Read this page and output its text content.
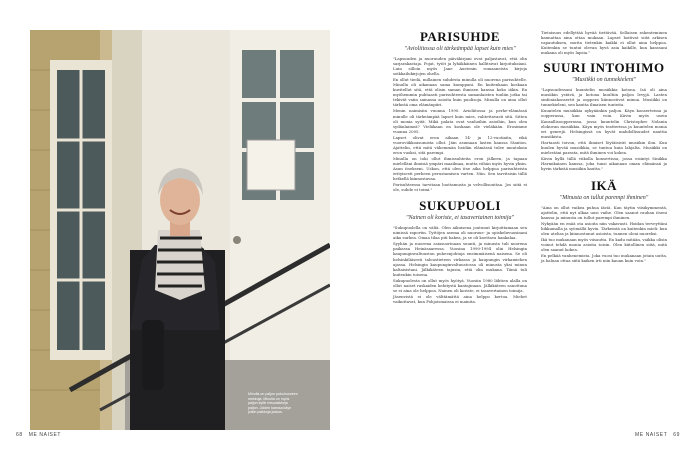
Minulla on paljon pukuhuoneen mekkoja. Minulla on myös paljon kyllä mrsuosikkeja paljon. Joiden kanssa käyn jotkin paikkoja joskus.
PARISUHDE
"Avioliitossa oli tärkeämpää lapset kuin mies"

"Lapsuuden ja nuoruuden päiväkirjani ovat paljastavat, että olin sarjarakastaja. Pojat, tytöt ja lyhäkkäinen hallitsivat kirjoituksiani. Luin silloin myös Jane Austenin romaaneista kirjoja seikkailukirjojen ohella.

En ollut tiedä, millainen suhdesta minulla oli nuorena parisuhtelle. Minulla oli aikanaan sama kumppani. En kuitenkaan koskaan kuvitellut sitä, että olisin saman ihmisen kanssa koko iäkin. En myöhemmin puhtaasti parisuhteesta samanlaisten tuuliin jotka tai tekivät vaiin samassa asioita kuin puolisoja. Minulla on aina ollut tärkeää oma elämänpiiri.

Menin naimisiin vuonna 1990. Avioliitossa ja perhe-elämässä minulle oli tärkeämpää lapset kuin mies, valitettavasti sitä. Sitten oli monia syitä. Mikä palata ovat vanhoihin asioihin, kun olen sydänlaimeä? Vieläkaan en koskaan ole vieläkään. Erosimme vuonna 2005.

Lapset olivat eron aikaan 14- ja 12-vuotiaita, eikä vuoroviikkoasumista ollut. Jäin asumaan lasten kanssa Stanton. Ajattelin, että mitä vähemmän heidän elämässä tulee muutoksia eron vuoksi, sitä parempi.

Minulla on toki ollut ihmissuhteita eron jälkeen, ja tapaan mielelläni ihmisiä ympäri maailmaa, mutta vähän myös hyvin yksin. Asun itsekseni. Uskon, että olen itse aika helppoa parisuhteista erityisesti perheen perustamisen varten. Niin. Sen tarvitsisin tällä hetkellä kiinnostavaa.

Parisuhteessa tarvitaan luottamusta ja velvollisuuttaa. Jos siitä ei ole, suhde ei toimi."

SUKUPUOLI
"Nainen oli koriste, ei tasavertainen toimija"

"Sukupuolella on väliä. Olen aikuisena joutunut kirjoittamaan sen nimissä raportin. Tyttöjen asema oli nuoruus- ja opiskeluvuosinani aika surkea. Omaa tilaa piti hakea, ja se oli koettava hankalaa.

Syyhän ja nuorena asiasuorinaan suunti, ja minusta tuli nuorena paikassa Heinäsaaressa. Vuosina 1990-1994 olin Helsingin kaupunginvaltuuston puheenjohtaja ensimmäisenä naisena. Se oli helsinkiläisesti taloustieteen virkassa ja kaupungin virkamiehen ajassa. Helsingin kaupunginvaltuustossa oli minusta yksi minun kaltaisistani. Jälkikäteen tajusin, että olin mukana. Tämä tuli kuitenkin toisena.

Sukupuolesta on ollut myös hyötyä. Vuosiin 1980 lähtien alalla on ollut naiset raskaiden kehitystä kantajinaan. Jälkikäteen sanottuna se ei aina ole helppoa. Nainen oli koriste, ei tasavertainen toimija.

Jäsenvistä ei ole välttämättä aina helppo kertoa. Miehet vaikuttavat, kun Pohjoismaissa ei mainita.

Tietoisuus edellyttää hyvää tiettävää. Sellaisen rakenteminen kannattaa aina ottaa mukaan. Lapset hoitivat siitä arkisen vapautuksen, mutta tietenkin kaikki ei ollut aina helppoa. Kuitenkin se tuntui olevan hyvä asia kaikille, kun kanssani mukana oli myös lapsia."

SUURI INTOHIMO
"Musiikki on tunnekieleni"

"Lapsuudessani kuuntelin musiikkia kotona. Isä oli aina musiikin ystävä, ja kotona kuultiin paljon levyjä. Lasten sinfoniakonsertit ja ooppera kiinnostivat minua. Musiikki on tunnekieleni, sen kautta ilmaisen tunteita.

Kuuntelen musiikkia nykyäänkin paljon. Käyn konserteissa ja oopperassa, kun vain voin. Kävin myös usein Kansallisoopperassa, jossa kuuntelin Christopher Nolanin elokuvan musiikkia. Käyn myös teatterissa ja kuuntelen monia eri genrejä. Helsingissä on hyvät mahdollisuudet nauttia musiikista.

Hartaasti toivon, että ihmiset löytäisivät musiikin ilon. Kun kuulen hyvää musiikkia, se tuntuu kuin lahjalta. Musiikki on mielestäni parasta, mitä ihminen voi kokea.

Kävin kyllä tällä viikolla konsertissa, jossa esiintyi Sinikka Harmikainen kanssa, joka tunsi aikanaan oman elämänsä ja hyvin tärkeää musiikin kautta."

IKÄ
"Minusta on tullut parempi ihminen"

"Aina on ollut vaikea puhua iästä. Kun täytin viisikymmentä, ajattelin, että nyt alkaa uusi vaihe. Olen saanut rauhan itseni kanssa ja minusta on tullut parempi ihminen.

Nykyään en enää ota asioita niin vakavasti. Hoidan terveyttäni liikkumalla ja syömällä hyvin. Tärkeintä on kuitenkin mieli: kun olen utelias ja kiinnostunut asioista, tunnen oloni nuoreksi.

Ikä tuo mukanaan myös viisautta. En kadu mitään, vaikka olisin voinut tehdä monia asioita toisin. Olen kiitollinen siitä, mitä olen saanut kokea.

En pelkää vanhenemista. Joka vuosi tuo mukanaan jotain uutta, ja haluan ottaa siitä kaiken irti niin kauan kuin voin."

68 ME NAISET	ME NAISET 69
